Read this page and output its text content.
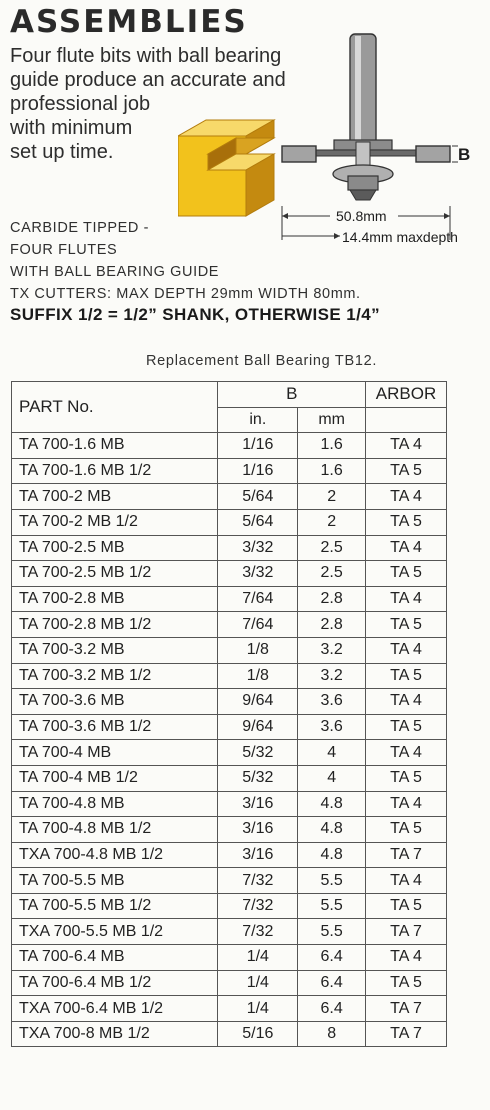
ASSEMBLIES
Four flute bits with ball bearing
guide produce an accurate and
professional job
with minimum
set up time.	B
50.8mm
14.4mm maxdepth
CARBIDE TIPPED -
FOUR FLUTES
WITH BALL BEARING GUIDE
TX CUTTERS: MAX DEPTH 29mm WIDTH 80mm.
SUFFIX 1/2 = 1/2” SHANK, OTHERWISE 1/4”
Replacement Ball Bearing TB12.
PART No.	B		ARBOR
	in.	mm	
TA 700-1.6 MB	1/16	1.6	TA 4
TA 700-1.6 MB 1/2	1/16	1.6	TA 5
TA 700-2 MB	5/64	2	TA 4
TA 700-2 MB 1/2	5/64	2	TA 5
TA 700-2.5 MB	3/32	2.5	TA 4
TA 700-2.5 MB 1/2	3/32	2.5	TA 5
TA 700-2.8 MB	7/64	2.8	TA 4
TA 700-2.8 MB 1/2	7/64	2.8	TA 5
TA 700-3.2 MB	1/8	3.2	TA 4
TA 700-3.2 MB 1/2	1/8	3.2	TA 5
TA 700-3.6 MB	9/64	3.6	TA 4
TA 700-3.6 MB 1/2	9/64	3.6	TA 5
TA 700-4 MB	5/32	4	TA 4
TA 700-4 MB 1/2	5/32	4	TA 5
TA 700-4.8 MB	3/16	4.8	TA 4
TA 700-4.8 MB 1/2	3/16	4.8	TA 5
TXA 700-4.8 MB 1/2	3/16	4.8	TA 7
TA 700-5.5 MB	7/32	5.5	TA 4
TA 700-5.5 MB 1/2	7/32	5.5	TA 5
TXA 700-5.5 MB 1/2	7/32	5.5	TA 7
TA 700-6.4 MB	1/4	6.4	TA 4
TA 700-6.4 MB 1/2	1/4	6.4	TA 5
TXA 700-6.4 MB 1/2	1/4	6.4	TA 7
TXA 700-8 MB 1/2	5/16	8	TA 7
